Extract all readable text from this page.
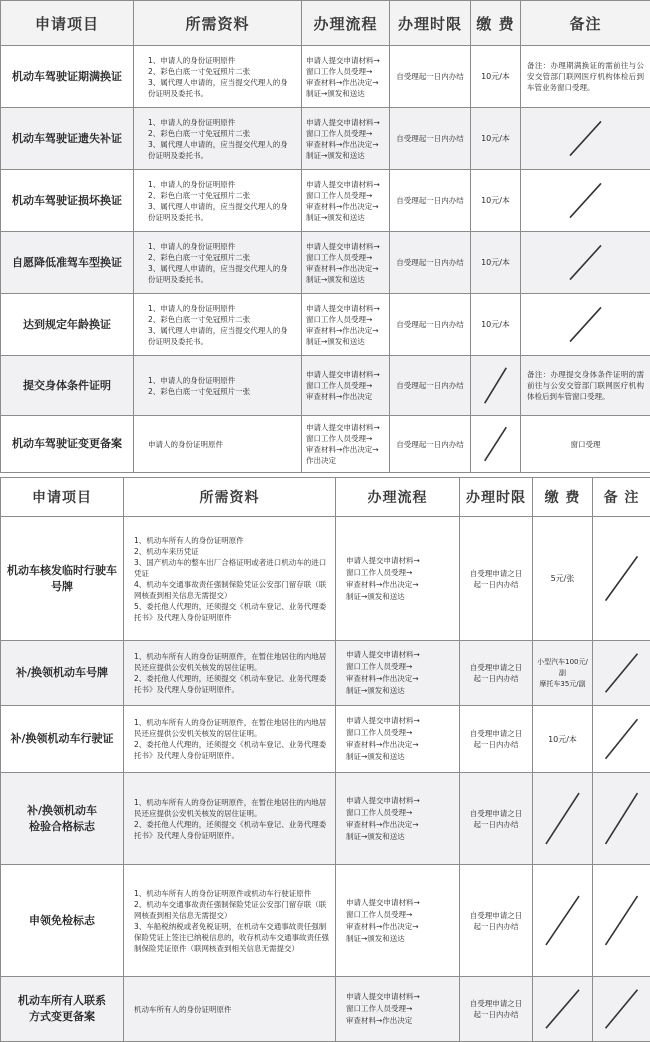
申请项目	所需资料	办理流程	办理时限	缴 费	备注
机动车驾驶证期满换证	1、申请人的身份证明原件
2、彩色白底一寸免冠照片二张
3、属代理人申请的，应当提交代理人的身份证明及委托书。	申请人提交申请材料→
窗口工作人员受理→
审查材料→作出决定→
制证→颁发和送达	自受理起一日内办结	10元/本	备注：办理期满换证的需前往与公安交管部门联网医疗机构体检后到车管业务窗口受理。
机动车驾驶证遗失补证	1、申请人的身份证明原件
2、彩色白底一寸免冠照片二张
3、属代理人申请的，应当提交代理人的身份证明及委托书。	申请人提交申请材料→
窗口工作人员受理→
审查材料→作出决定→
制证→颁发和送达	自受理起一日内办结	10元/本	

机动车驾驶证损坏换证	1、申请人的身份证明原件
2、彩色白底一寸免冠照片二张
3、属代理人申请的，应当提交代理人的身份证明及委托书。	申请人提交申请材料→
窗口工作人员受理→
审查材料→作出决定→
制证→颁发和送达	自受理起一日内办结	10元/本	

自愿降低准驾车型换证	1、申请人的身份证明原件
2、彩色白底一寸免冠照片二张
3、属代理人申请的，应当提交代理人的身份证明及委托书。	申请人提交申请材料→
窗口工作人员受理→
审查材料→作出决定→
制证→颁发和送达	自受理起一日内办结	10元/本	

达到规定年龄换证	1、申请人的身份证明原件
2、彩色白底一寸免冠照片二张
3、属代理人申请的，应当提交代理人的身份证明及委托书。	申请人提交申请材料→
窗口工作人员受理→
审查材料→作出决定→
制证→颁发和送达	自受理起一日内办结	10元/本	

提交身体条件证明	1、申请人的身份证明原件
2、彩色白底一寸免冠照片一张	申请人提交申请材料→
窗口工作人员受理→
审查材料→作出决定	自受理起一日内办结		备注：办理提交身体条件证明的需前往与公安交管部门联网医疗机构体检后到车管窗口受理。
机动车驾驶证变更备案	申请人的身份证明原件	申请人提交申请材料→
窗口工作人员受理→
审查材料→作出决定→
作出决定	自受理起一日内办结		窗口受理
申请项目	所需资料	办理流程	办理时限	缴 费	备 注

机动车核发临时行驶车号牌	1、机动车所有人的身份证明原件
2、机动车来历凭证
3、国产机动车的整车出厂合格证明或者进口机动车的进口凭证
4、机动车交通事故责任强制保险凭证公安部门留存联（联网核查到相关信息无需提交）
5、委托他人代理的，还须提交《机动车登记、业务代理委托书》及代理人身份证明原件	申请人提交申请材料→
窗口工作人员受理→
审查材料→作出决定→
制证→颁发和送达	自受理申请之日
起一日内办结	5元/张

补/换领机动车号牌	1、机动车所有人的身份证明原件，在暂住地居住的内地居民还应提供公安机关核发的居住证明。
2、委托他人代理的，还须提交《机动车登记、业务代理委托书》及代理人身份证明原件。	申请人提交申请材料→
窗口工作人员受理→
审查材料→作出决定→
制证→颁发和送达	自受理申请之日
起一日内办结	小型汽车100元/副
摩托车35元/副

补/换领机动车行驶证	1、机动车所有人的身份证明原件，在暂住地居住的内地居民还应提供公安机关核发的居住证明。
2、委托他人代理的，还须提交《机动车登记、业务代理委托书》及代理人身份证明原件。	申请人提交申请材料→
窗口工作人员受理→
审查材料→作出决定→
制证→颁发和送达	自受理申请之日
起一日内办结	10元/本

补/换领机动车
检验合格标志	1、机动车所有人的身份证明原件，在暂住地居住的内地居民还应提供公安机关核发的居住证明。
2、委托他人代理的，还须提交《机动车登记、业务代理委托书》及代理人身份证明原件。	申请人提交申请材料→
窗口工作人员受理→
审查材料→作出决定→
制证→颁发和送达	自受理申请之日
起一日内办结

申领免检标志	1、机动车所有人的身份证明原件或机动车行驶证原件
2、机动车交通事故责任强制保险凭证公安部门留存联（联网核查到相关信息无需提交）
3、车船税纳税或者免税证明，在机动车交通事故责任强制保险凭证上签注已纳税信息的，收存机动车交通事故责任强制保险凭证原件（联网核查到相关信息无需提交）	申请人提交申请材料→
窗口工作人员受理→
审查材料→作出决定→
制证→颁发和送达	自受理申请之日
起一日内办结

机动车所有人联系
方式变更备案	机动车所有人的身份证明原件	申请人提交申请材料→
窗口工作人员受理→
审查材料→作出决定	自受理申请之日
起一日内办结
